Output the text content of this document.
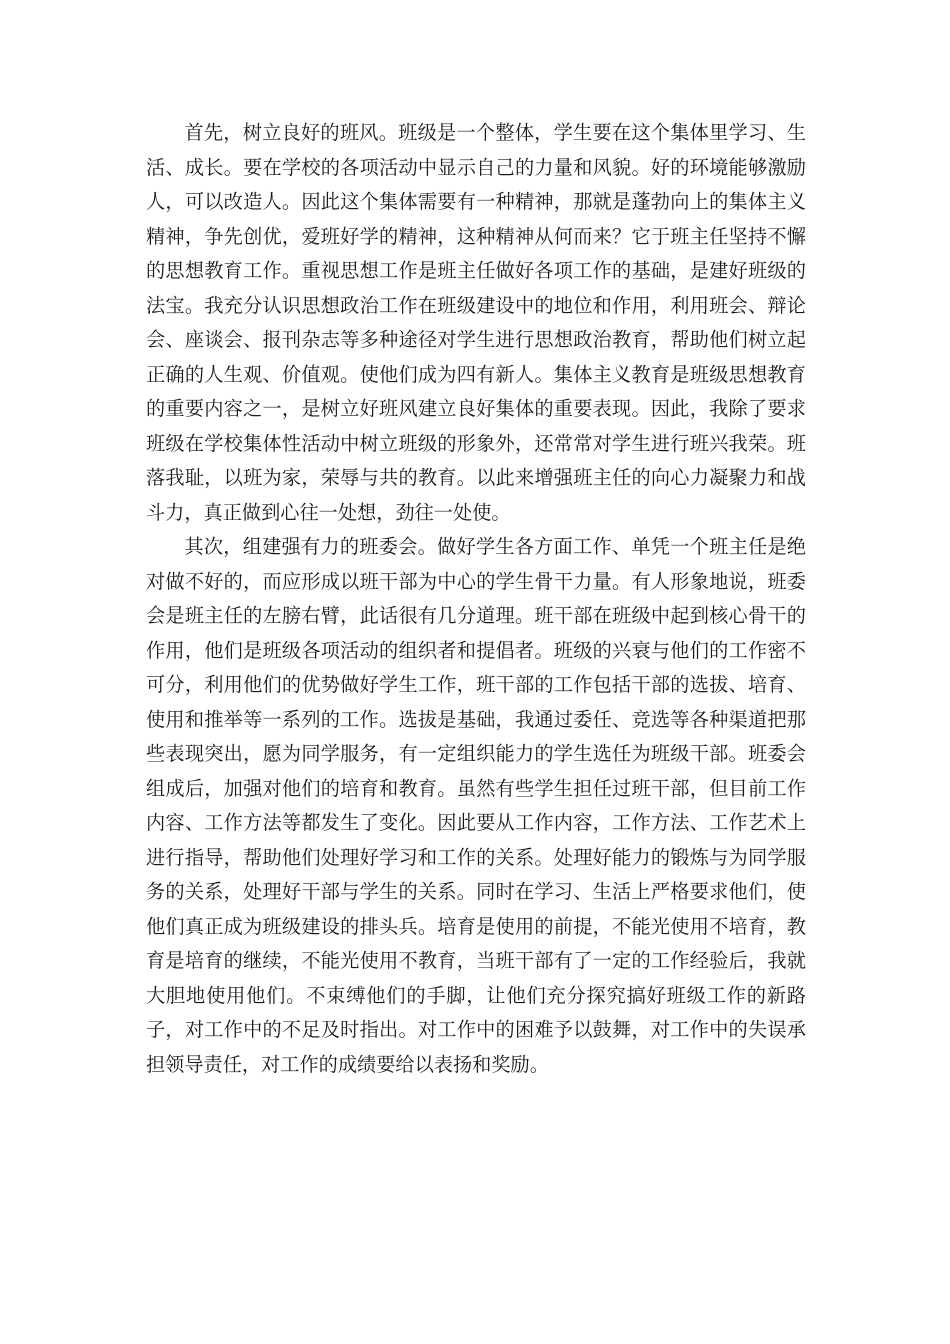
首先，树立良好的班风。班级是一个整体，学生要在这个集体里学习、生活、成长。要在学校的各项活动中显示自己的力量和风貌。好的环境能够激励人，可以改造人。因此这个集体需要有一种精神，那就是蓬勃向上的集体主义精神，争先创优，爱班好学的精神，这种精神从何而来？它于班主任坚持不懈的思想教育工作。重视思想工作是班主任做好各项工作的基础，是建好班级的法宝。我充分认识思想政治工作在班级建设中的地位和作用，利用班会、辩论会、座谈会、报刊杂志等多种途径对学生进行思想政治教育，帮助他们树立起正确的人生观、价值观。使他们成为四有新人。集体主义教育是班级思想教育的重要内容之一，是树立好班风建立良好集体的重要表现。因此，我除了要求班级在学校集体性活动中树立班级的形象外，还常常对学生进行班兴我荣。班落我耻，以班为家，荣辱与共的教育。以此来增强班主任的向心力凝聚力和战斗力，真正做到心往一处想，劲往一处使。

其次，组建强有力的班委会。做好学生各方面工作、单凭一个班主任是绝对做不好的，而应形成以班干部为中心的学生骨干力量。有人形象地说，班委会是班主任的左膀右臂，此话很有几分道理。班干部在班级中起到核心骨干的作用，他们是班级各项活动的组织者和提倡者。班级的兴衰与他们的工作密不可分，利用他们的优势做好学生工作，班干部的工作包括干部的选拔、培育、使用和推举等一系列的工作。选拔是基础，我通过委任、竞选等各种渠道把那些表现突出，愿为同学服务，有一定组织能力的学生选任为班级干部。班委会组成后，加强对他们的培育和教育。虽然有些学生担任过班干部，但目前工作内容、工作方法等都发生了变化。因此要从工作内容，工作方法、工作艺术上进行指导，帮助他们处理好学习和工作的关系。处理好能力的锻炼与为同学服务的关系，处理好干部与学生的关系。同时在学习、生活上严格要求他们，使他们真正成为班级建设的排头兵。培育是使用的前提，不能光使用不培育，教育是培育的继续，不能光使用不教育，当班干部有了一定的工作经验后，我就大胆地使用他们。不束缚他们的手脚，让他们充分探究搞好班级工作的新路子，对工作中的不足及时指出。对工作中的困难予以鼓舞，对工作中的失误承担领导责任，对工作的成绩要给以表扬和奖励。
